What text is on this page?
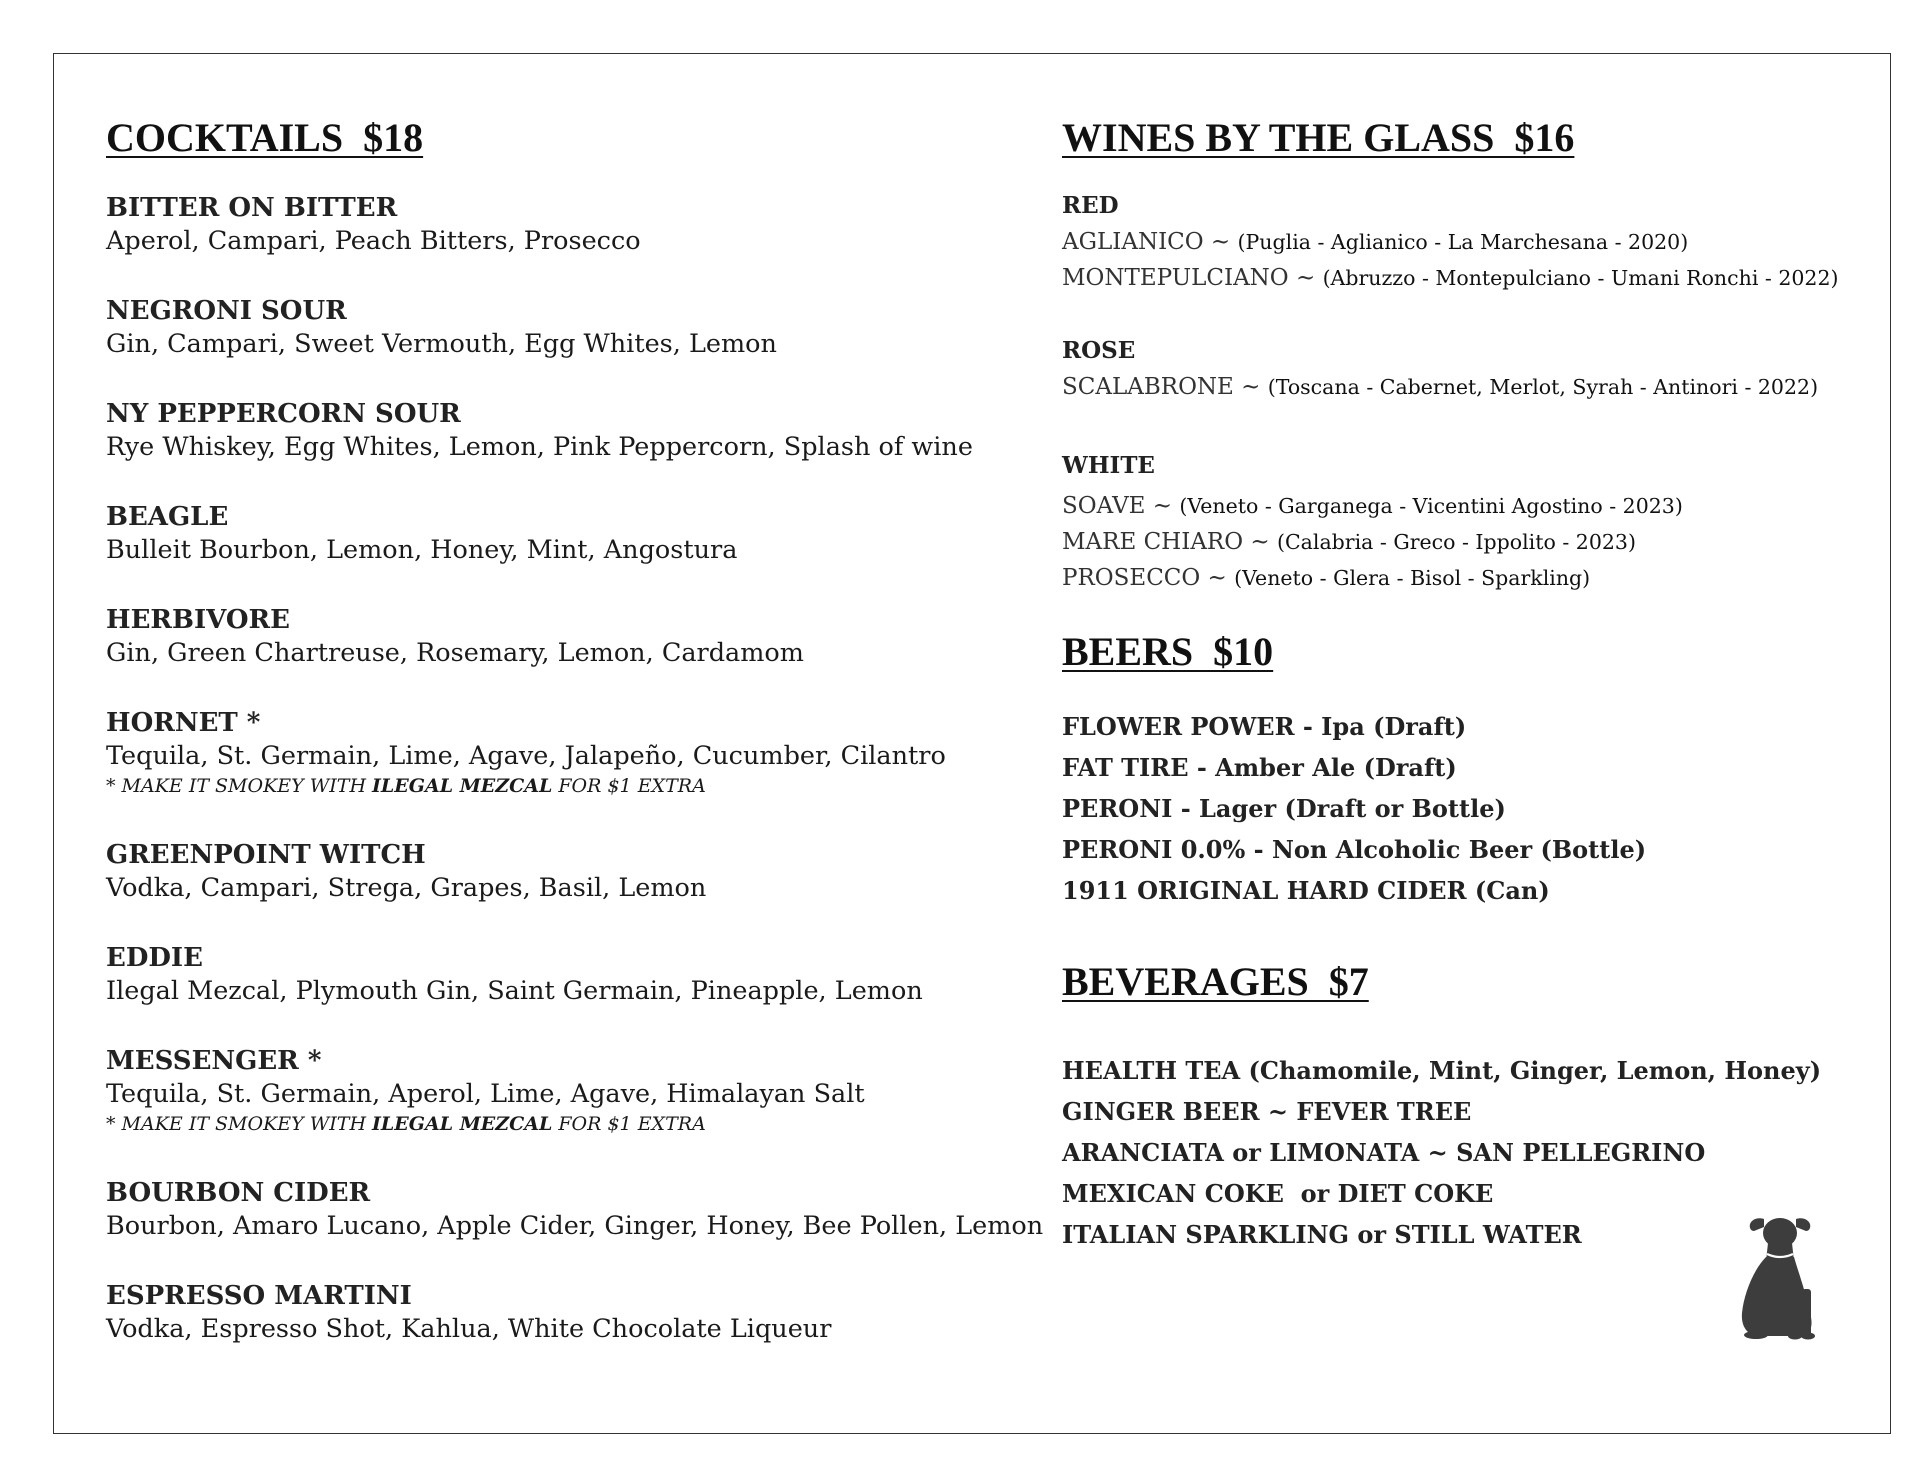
COCKTAILS  $18
BITTER ON BITTER
Aperol, Campari, Peach Bitters, Prosecco
NEGRONI SOUR
Gin, Campari, Sweet Vermouth, Egg Whites, Lemon
NY PEPPERCORN SOUR
Rye Whiskey, Egg Whites, Lemon, Pink Peppercorn, Splash of wine
BEAGLE
Bulleit Bourbon, Lemon, Honey, Mint, Angostura
HERBIVORE
Gin, Green Chartreuse, Rosemary, Lemon, Cardamom
HORNET *
Tequila, St. Germain, Lime, Agave, Jalapeño, Cucumber, Cilantro
* MAKE IT SMOKEY WITH ILEGAL MEZCAL FOR $1 EXTRA
GREENPOINT WITCH
Vodka, Campari, Strega, Grapes, Basil, Lemon
EDDIE
Ilegal Mezcal, Plymouth Gin, Saint Germain, Pineapple, Lemon
MESSENGER *
Tequila, St. Germain, Aperol, Lime, Agave, Himalayan Salt
* MAKE IT SMOKEY WITH ILEGAL MEZCAL FOR $1 EXTRA
BOURBON CIDER
Bourbon, Amaro Lucano, Apple Cider, Ginger, Honey, Bee Pollen, Lemon
ESPRESSO MARTINI
Vodka, Espresso Shot, Kahlua, White Chocolate Liqueur
WINES BY THE GLASS  $16
RED
AGLIANICO ~ (Puglia - Aglianico - La Marchesana - 2020)
MONTEPULCIANO ~ (Abruzzo - Montepulciano - Umani Ronchi - 2022)
ROSE
SCALABRONE ~ (Toscana - Cabernet, Merlot, Syrah - Antinori - 2022)
WHITE
SOAVE ~ (Veneto - Garganega - Vicentini Agostino - 2023)
MARE CHIARO ~ (Calabria - Greco - Ippolito - 2023)
PROSECCO ~ (Veneto - Glera - Bisol - Sparkling)
BEERS  $10
FLOWER POWER - Ipa (Draft)
FAT TIRE - Amber Ale (Draft)
PERONI - Lager (Draft or Bottle)
PERONI 0.0% - Non Alcoholic Beer (Bottle)
1911 ORIGINAL HARD CIDER (Can)
BEVERAGES  $7
HEALTH TEA (Chamomile, Mint, Ginger, Lemon, Honey)
GINGER BEER ~ FEVER TREE
ARANCIATA or LIMONATA ~ SAN PELLEGRINO
MEXICAN COKE  or DIET COKE
ITALIAN SPARKLING or STILL WATER
